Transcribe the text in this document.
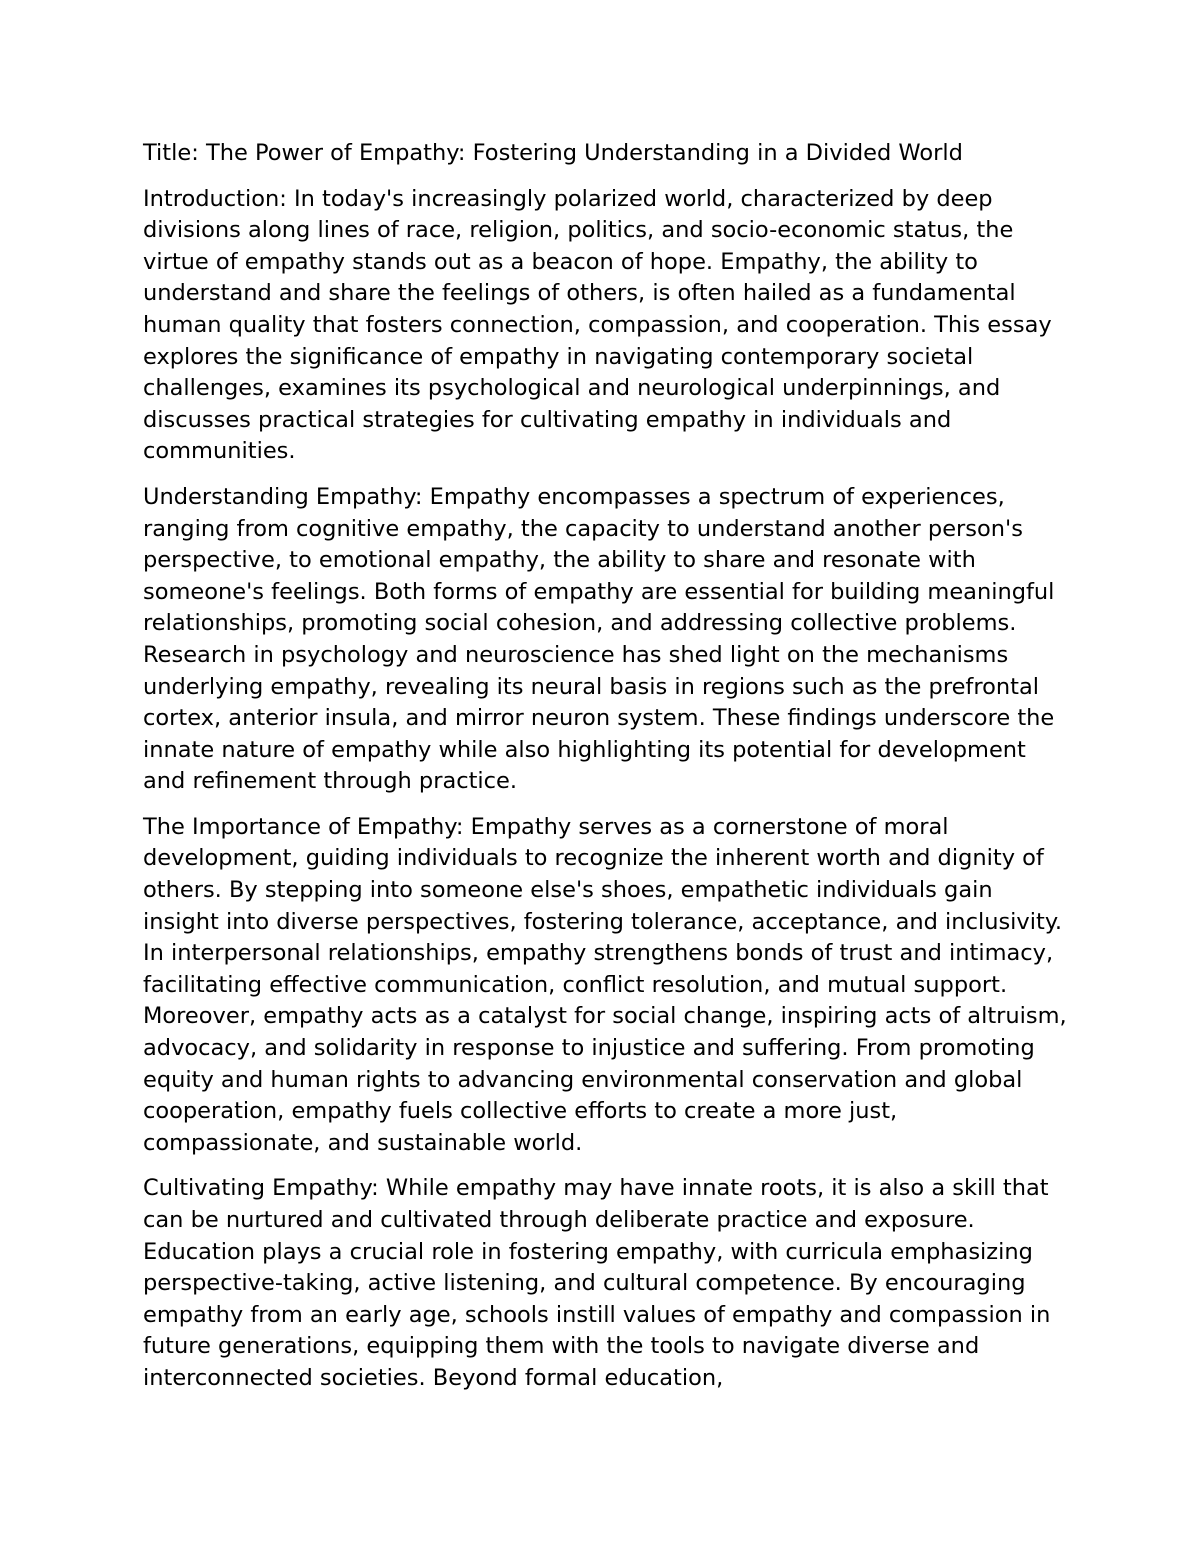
Title: The Power of Empathy: Fostering Understanding in a Divided World

Introduction: In today's increasingly polarized world, characterized by deep divisions along lines of race, religion, politics, and socio-economic status, the virtue of empathy stands out as a beacon of hope. Empathy, the ability to understand and share the feelings of others, is often hailed as a fundamental human quality that fosters connection, compassion, and cooperation. This essay explores the significance of empathy in navigating contemporary societal challenges, examines its psychological and neurological underpinnings, and discusses practical strategies for cultivating empathy in individuals and communities.

Understanding Empathy: Empathy encompasses a spectrum of experiences, ranging from cognitive empathy, the capacity to understand another person's perspective, to emotional empathy, the ability to share and resonate with someone's feelings. Both forms of empathy are essential for building meaningful relationships, promoting social cohesion, and addressing collective problems. Research in psychology and neuroscience has shed light on the mechanisms underlying empathy, revealing its neural basis in regions such as the prefrontal cortex, anterior insula, and mirror neuron system. These findings underscore the innate nature of empathy while also highlighting its potential for development and refinement through practice.

The Importance of Empathy: Empathy serves as a cornerstone of moral development, guiding individuals to recognize the inherent worth and dignity of others. By stepping into someone else's shoes, empathetic individuals gain insight into diverse perspectives, fostering tolerance, acceptance, and inclusivity. In interpersonal relationships, empathy strengthens bonds of trust and intimacy, facilitating effective communication, conflict resolution, and mutual support. Moreover, empathy acts as a catalyst for social change, inspiring acts of altruism, advocacy, and solidarity in response to injustice and suffering. From promoting equity and human rights to advancing environmental conservation and global cooperation, empathy fuels collective efforts to create a more just, compassionate, and sustainable world.

Cultivating Empathy: While empathy may have innate roots, it is also a skill that can be nurtured and cultivated through deliberate practice and exposure. Education plays a crucial role in fostering empathy, with curricula emphasizing perspective-taking, active listening, and cultural competence. By encouraging empathy from an early age, schools instill values of empathy and compassion in future generations, equipping them with the tools to navigate diverse and interconnected societies. Beyond formal education,
